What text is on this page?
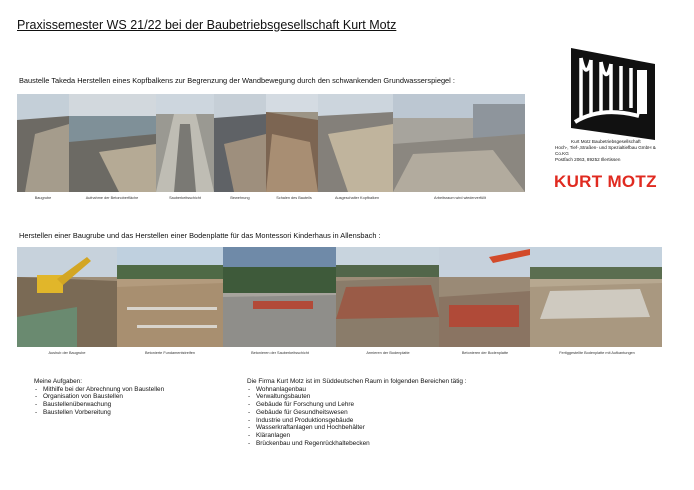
Praxissemester WS 21/22 bei der Baubetriebsgesellschaft Kurt Motz
Baustelle Takeda Herstellen eines Kopfbalkens zur Begrenzung der Wandbewegung durch den schwankenden Grundwasserspiegel :
Kurt Motz Baubetriebsgesellschaft
Hoch-, Tief-,Straßen- und Spezialtiefbau GmbH &
Co.KG
Postfach 2063, 89252 Illertissen
KURT MOTZ
Baugrube	Aufnahme der Betonoberfläche	Sauberkeitsschicht	Bewehrung	Schalen des Bauteils	Ausgeschalter Kopfbalken	Arbeitsraum wird wiederverfüllt
Herstellen einer Baugrube und das Herstellen einer Bodenplatte für das Montessori Kinderhaus in Allensbach :
Aushub der Baugrube	Betonierte Fundamentstreifen	Betonieren der Sauberkeitsschicht	Armieren der Bodenplatte	Betonieren der Bodenplatte	Fertiggestellte Bodenplatte mit Aufkantungen
Meine Aufgaben:
- Mithilfe bei der Abrechnung von Baustellen
- Organisation von Baustellen
- Baustellenüberwachung
- Baustellen Vorbereitung
Die Firma Kurt Motz ist im Süddeutschen Raum in folgenden Bereichen tätig :
- Wohnanlagenbau
- Verwaltungsbauten
- Gebäude für Forschung und Lehre
- Gebäude für Gesundheitswesen
- Industrie und Produktionsgebäude
- Wasserkraftanlagen und Hochbehälter
- Kläranlagen
- Brückenbau und Regenrückhaltebecken
